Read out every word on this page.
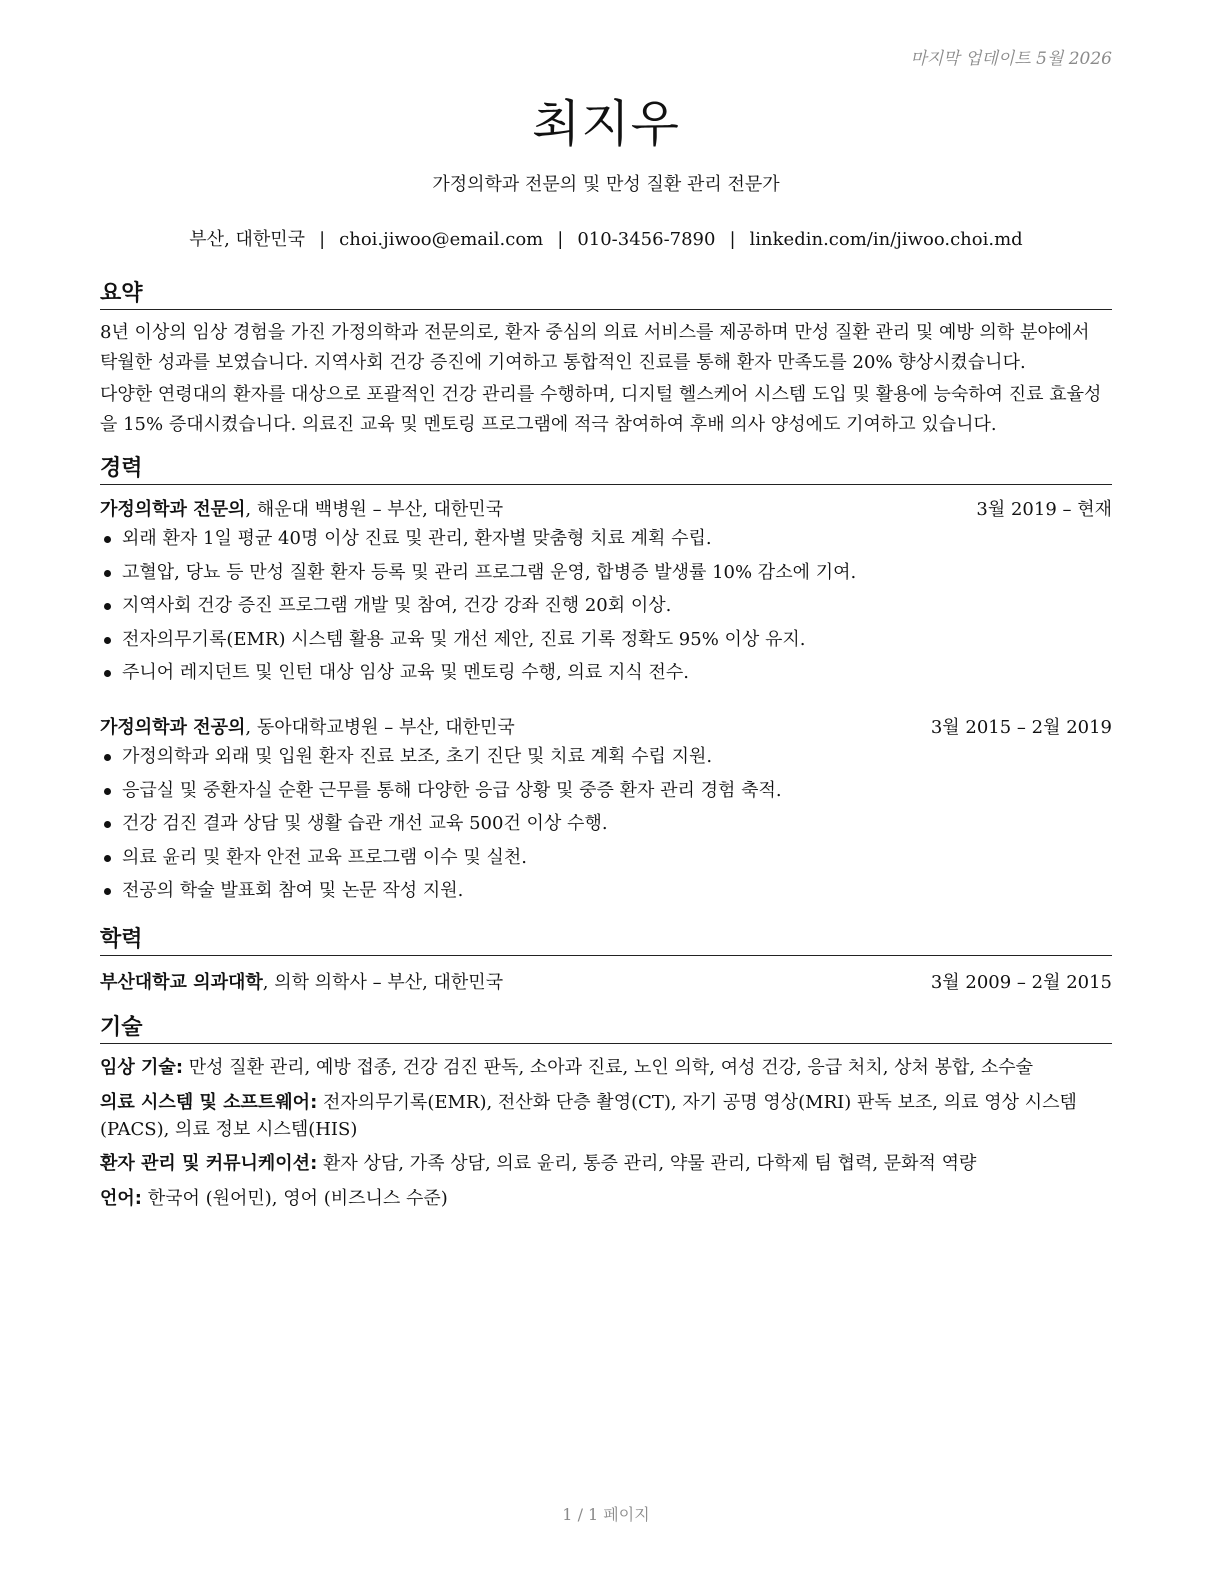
마지막 업데이트 5월 2026
최지우
가정의학과 전문의 및 만성 질환 관리 전문가
부산, 대한민국 | choi.jiwoo@email.com | 010-3456-7890 | linkedin.com/in/jiwoo.choi.md
요약
8년 이상의 임상 경험을 가진 가정의학과 전문의로, 환자 중심의 의료 서비스를 제공하며 만성 질환 관리 및 예방 의학 분야에서 탁월한 성과를 보였습니다. 지역사회 건강 증진에 기여하고 통합적인 진료를 통해 환자 만족도를 20% 향상시켰습니다.
다양한 연령대의 환자를 대상으로 포괄적인 건강 관리를 수행하며, 디지털 헬스케어 시스템 도입 및 활용에 능숙하여 진료 효율성을 15% 증대시켰습니다. 의료진 교육 및 멘토링 프로그램에 적극 참여하여 후배 의사 양성에도 기여하고 있습니다.
경력
가정의학과 전문의, 해운대 백병원 – 부산, 대한민국	3월 2019 – 현재
외래 환자 1일 평균 40명 이상 진료 및 관리, 환자별 맞춤형 치료 계획 수립.
고혈압, 당뇨 등 만성 질환 환자 등록 및 관리 프로그램 운영, 합병증 발생률 10% 감소에 기여.
지역사회 건강 증진 프로그램 개발 및 참여, 건강 강좌 진행 20회 이상.
전자의무기록(EMR) 시스템 활용 교육 및 개선 제안, 진료 기록 정확도 95% 이상 유지.
주니어 레지던트 및 인턴 대상 임상 교육 및 멘토링 수행, 의료 지식 전수.
가정의학과 전공의, 동아대학교병원 – 부산, 대한민국	3월 2015 – 2월 2019
가정의학과 외래 및 입원 환자 진료 보조, 초기 진단 및 치료 계획 수립 지원.
응급실 및 중환자실 순환 근무를 통해 다양한 응급 상황 및 중증 환자 관리 경험 축적.
건강 검진 결과 상담 및 생활 습관 개선 교육 500건 이상 수행.
의료 윤리 및 환자 안전 교육 프로그램 이수 및 실천.
전공의 학술 발표회 참여 및 논문 작성 지원.
학력
부산대학교 의과대학, 의학 의학사 – 부산, 대한민국	3월 2009 – 2월 2015
기술
임상 기술: 만성 질환 관리, 예방 접종, 건강 검진 판독, 소아과 진료, 노인 의학, 여성 건강, 응급 처치, 상처 봉합, 소수술
의료 시스템 및 소프트웨어: 전자의무기록(EMR), 전산화 단층 촬영(CT), 자기 공명 영상(MRI) 판독 보조, 의료 영상 시스템(PACS), 의료 정보 시스템(HIS)
환자 관리 및 커뮤니케이션: 환자 상담, 가족 상담, 의료 윤리, 통증 관리, 약물 관리, 다학제 팀 협력, 문화적 역량
언어: 한국어 (원어민), 영어 (비즈니스 수준)
1 / 1 페이지
